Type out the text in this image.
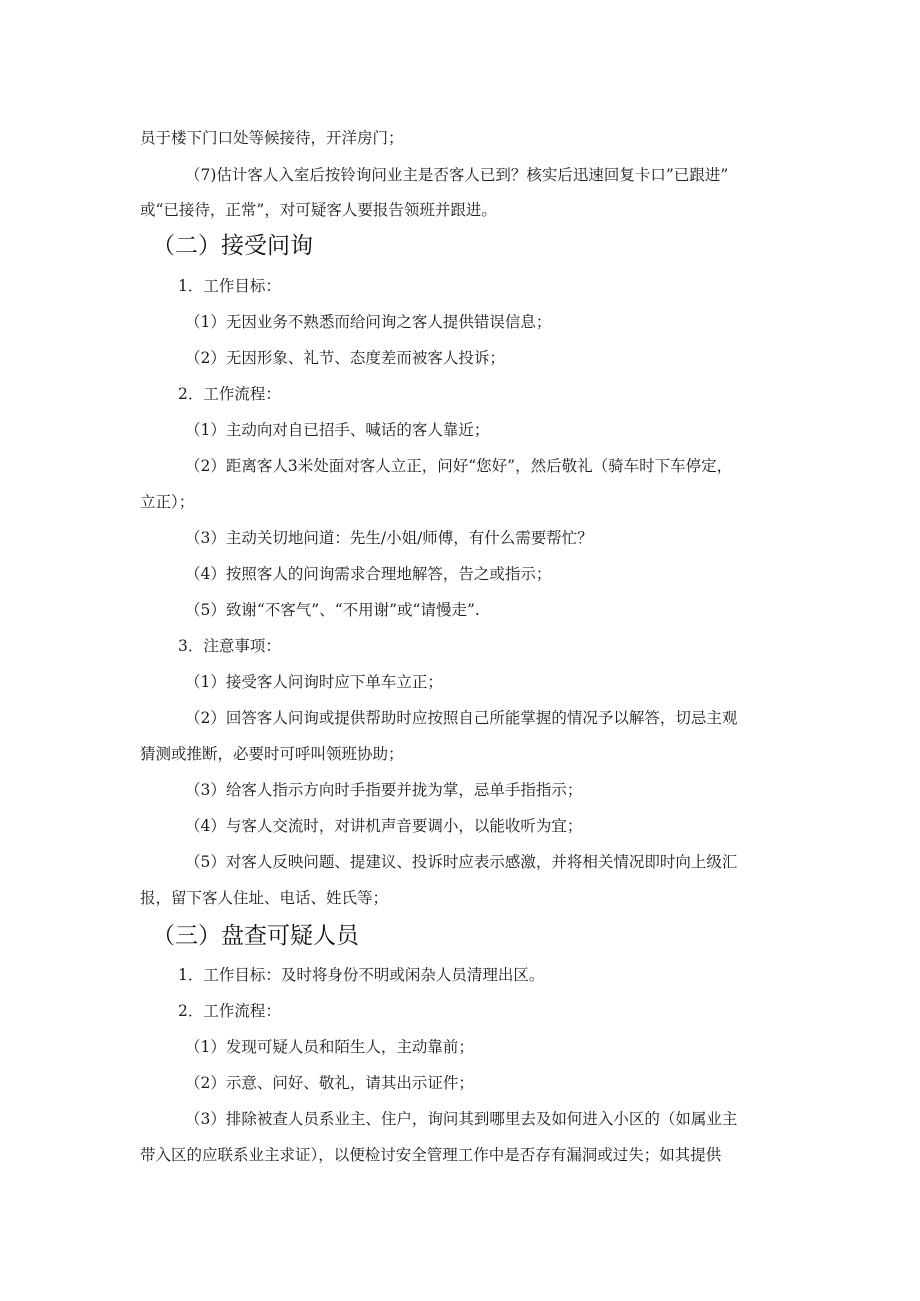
员于楼下门口处等候接待，开洋房门；
（7)估计客人入室后按铃询问业主是否客人已到？核实后迅速回复卡口”已跟进”
或“已接待，正常”，对可疑客人要报告领班并跟进。
（二）接受问询
1．工作目标：
（1）无因业务不熟悉而给问询之客人提供错误信息；
（2）无因形象、礼节、态度差而被客人投诉；
2．工作流程：
（1）主动向对自已招手、喊话的客人靠近；
（2）距离客人3米处面对客人立正，问好“您好”，然后敬礼（骑车时下车停定，
立正）；
（3）主动关切地问道：先生/小姐/师傅，有什么需要帮忙？
（4）按照客人的问询需求合理地解答，告之或指示；
（5）致谢“不客气”、“不用谢”或“请慢走”.
3．注意事项：
（1）接受客人问询时应下单车立正；
（2）回答客人问询或提供帮助时应按照自己所能掌握的情况予以解答，切忌主观
猜测或推断，必要时可呼叫领班协助；
（3）给客人指示方向时手指要并拢为掌，忌单手指指示；
（4）与客人交流时，对讲机声音要调小，以能收听为宜；
（5）对客人反映问题、提建议、投诉时应表示感激，并将相关情况即时向上级汇
报，留下客人住址、电话、姓氏等；
（三）盘查可疑人员
1．工作目标：及时将身份不明或闲杂人员清理出区。
2．工作流程：
（1）发现可疑人员和陌生人，主动靠前；
（2）示意、问好、敬礼，请其出示证件；
（3）排除被查人员系业主、住户，询问其到哪里去及如何进入小区的（如属业主
带入区的应联系业主求证），以便检讨安全管理工作中是否存有漏洞或过失；如其提供
